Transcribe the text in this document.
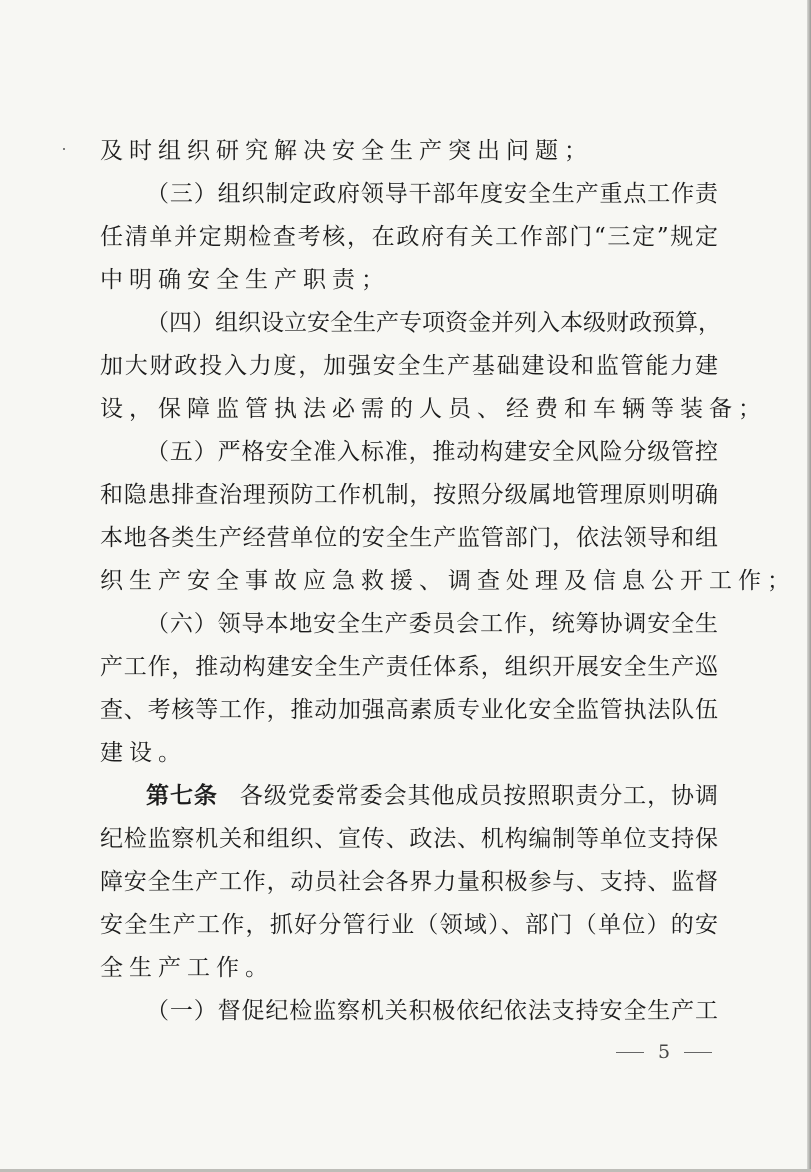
及时组织研究解决安全生产突出问题；
（三）组织制定政府领导干部年度安全生产重点工作责
任清单并定期检查考核，在政府有关工作部门“三定”规定
中明确安全生产职责；
（四）组织设立安全生产专项资金并列入本级财政预算，
加大财政投入力度，加强安全生产基础建设和监管能力建
设，保障监管执法必需的人员、经费和车辆等装备；
（五）严格安全准入标准，推动构建安全风险分级管控
和隐患排查治理预防工作机制，按照分级属地管理原则明确
本地各类生产经营单位的安全生产监管部门，依法领导和组
织生产安全事故应急救援、调查处理及信息公开工作；
（六）领导本地安全生产委员会工作，统筹协调安全生
产工作，推动构建安全生产责任体系，组织开展安全生产巡
查、考核等工作，推动加强高素质专业化安全监管执法队伍
建设。
第七条 各级党委常委会其他成员按照职责分工，协调
纪检监察机关和组织、宣传、政法、机构编制等单位支持保
障安全生产工作，动员社会各界力量积极参与、支持、监督
安全生产工作，抓好分管行业（领域）、部门（单位）的安
全生产工作。
（一）督促纪检监察机关积极依纪依法支持安全生产工
5
